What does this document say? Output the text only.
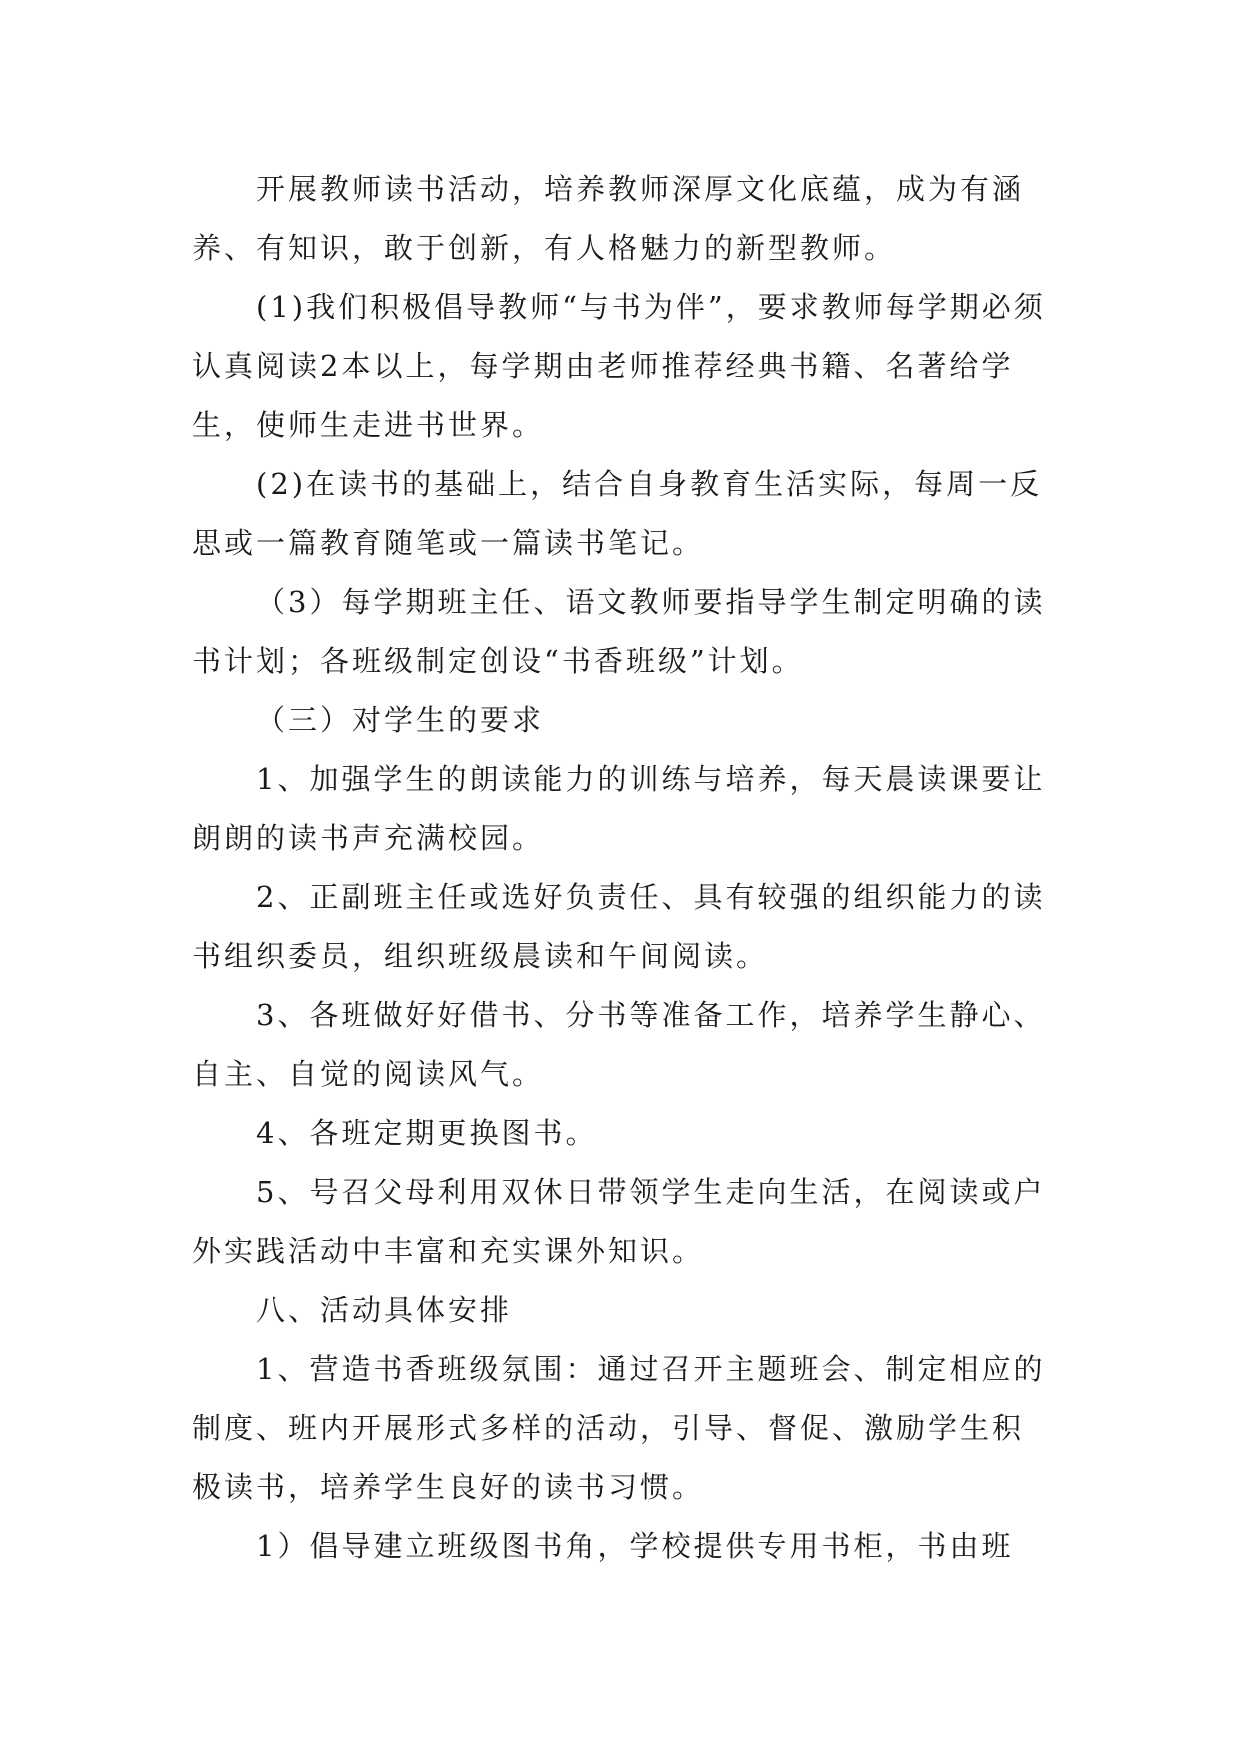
开展教师读书活动，培养教师深厚文化底蕴，成为有涵养、有知识，敢于创新，有人格魅力的新型教师。

(1)我们积极倡导教师“与书为伴”，要求教师每学期必须认真阅读2本以上，每学期由老师推荐经典书籍、名著给学生，使师生走进书世界。

(2)在读书的基础上，结合自身教育生活实际，每周一反思或一篇教育随笔或一篇读书笔记。

（3）每学期班主任、语文教师要指导学生制定明确的读书计划；各班级制定创设“书香班级”计划。

（三）对学生的要求

1、加强学生的朗读能力的训练与培养，每天晨读课要让朗朗的读书声充满校园。

2、正副班主任或选好负责任、具有较强的组织能力的读书组织委员，组织班级晨读和午间阅读。

3、各班做好好借书、分书等准备工作，培养学生静心、自主、自觉的阅读风气。

4、各班定期更换图书。

5、号召父母利用双休日带领学生走向生活，在阅读或户外实践活动中丰富和充实课外知识。

八、活动具体安排

1、营造书香班级氛围：通过召开主题班会、制定相应的制度、班内开展形式多样的活动，引导、督促、激励学生积极读书，培养学生良好的读书习惯。

1）倡导建立班级图书角，学校提供专用书柜，书由班
